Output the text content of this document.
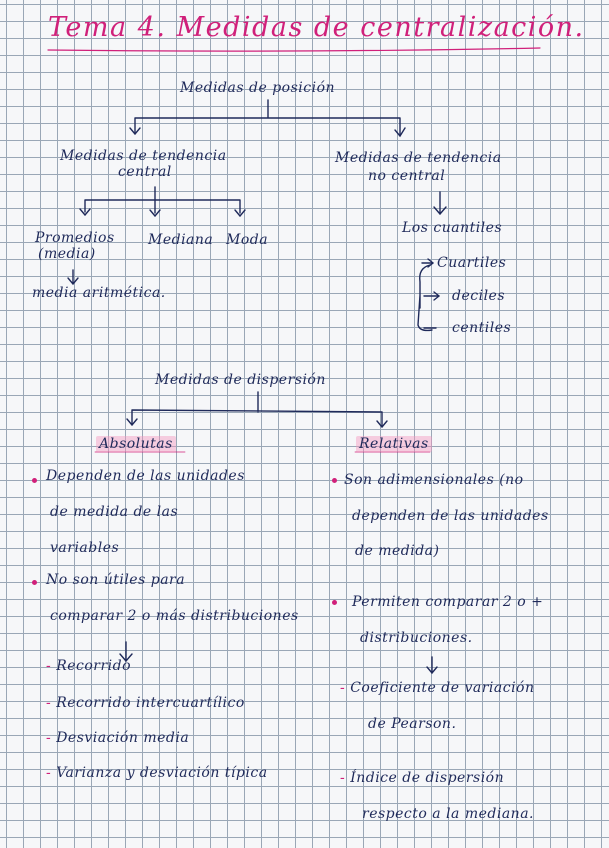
Tema 4. Medidas de centralización.
Medidas de posición
Medidas de tendencia
central
Medidas de tendencia
no central
Promedios
(media)
Mediana Moda
media aritmética.
Los cuantiles
Cuartiles
deciles
centiles
Medidas de dispersión
Absolutas	Relativas
Dependen de las unidades
de medida de las
variables
No son útiles para
comparar 2 o más distribuciones
- Recorrido
- Recorrido intercuartílico
- Desviación media
- Varianza y desviación típica
Son adimensionales (no
dependen de las unidades
de medida)
Permiten comparar 2 o +
distribuciones.
- Coeficiente de variación
de Pearson.
- Índice de dispersión
respecto a la mediana.
